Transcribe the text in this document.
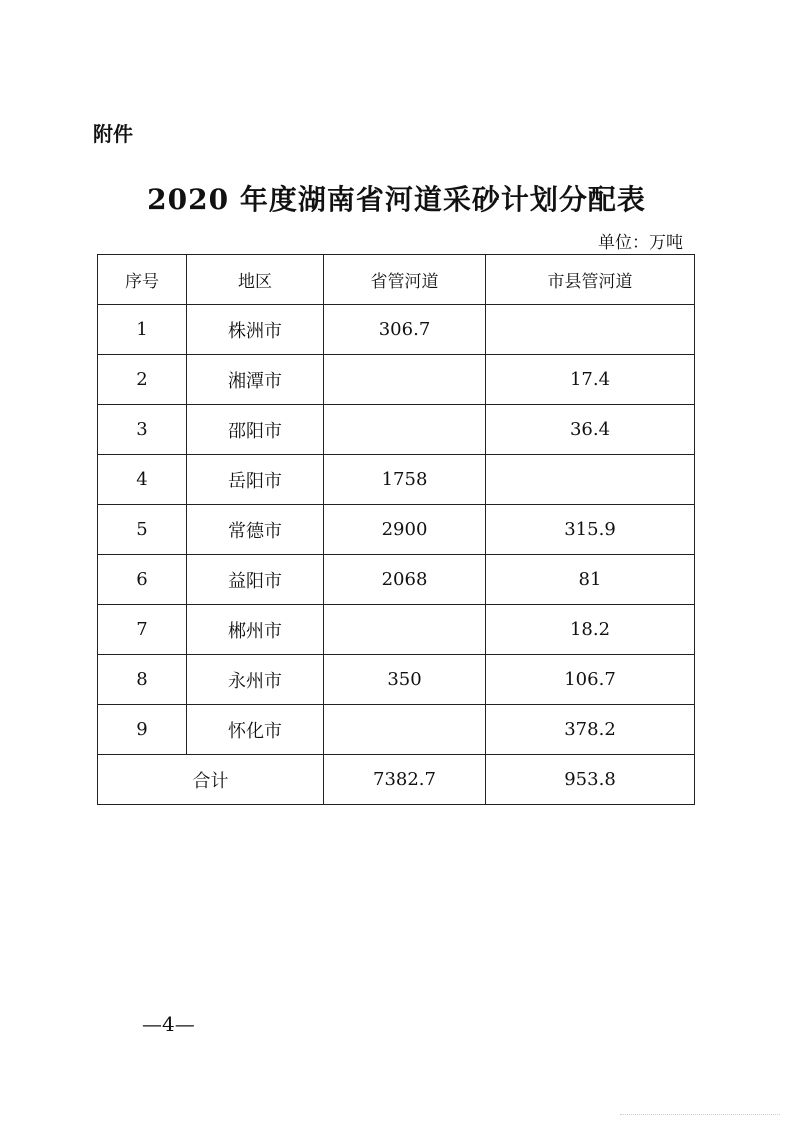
附件
2020 年度湖南省河道采砂计划分配表
单位：万吨
序号	地区	省管河道	市县管河道
1	株洲市	306.7	
2	湘潭市		17.4
3	邵阳市		36.4
4	岳阳市	1758	
5	常德市	2900	315.9
6	益阳市	2068	81
7	郴州市		18.2
8	永州市	350	106.7
9	怀化市		378.2
合计		7382.7	953.8
—4—
